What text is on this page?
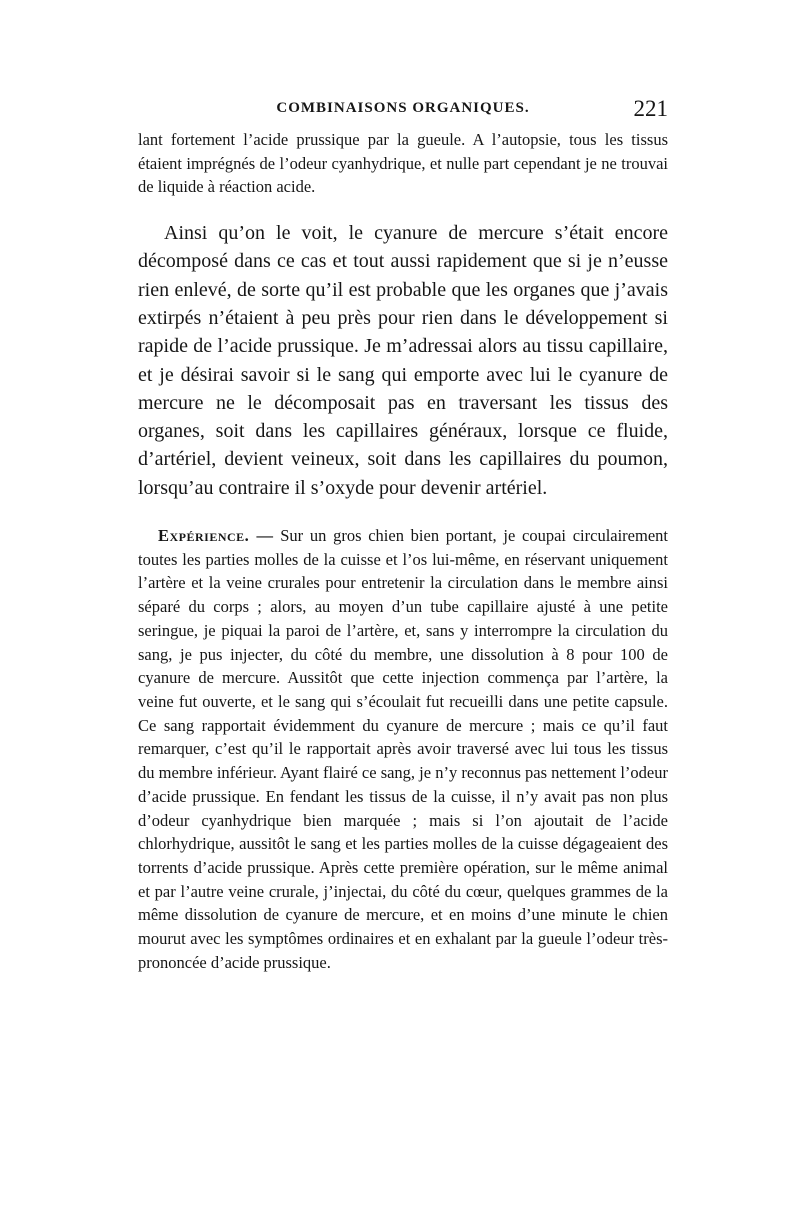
COMBINAISONS ORGANIQUES.	221

lant fortement l’acide prussique par la gueule. A l’autopsie, tous les tissus étaient imprégnés de l’odeur cyanhydrique, et nulle part cependant je ne trouvai de liquide à réaction acide.

Ainsi qu’on le voit, le cyanure de mercure s’était encore décomposé dans ce cas et tout aussi rapidement que si je n’eusse rien enlevé, de sorte qu’il est probable que les organes que j’avais extirpés n’étaient à peu près pour rien dans le développement si rapide de l’acide prussique. Je m’adressai alors au tissu capillaire, et je désirai savoir si le sang qui emporte avec lui le cyanure de mercure ne le décomposait pas en traversant les tissus des organes, soit dans les capillaires généraux, lorsque ce fluide, d’artériel, devient veineux, soit dans les capillaires du poumon, lorsqu’au contraire il s’oxyde pour devenir artériel.

Expérience. — Sur un gros chien bien portant, je coupai circulairement toutes les parties molles de la cuisse et l’os lui-même, en réservant uniquement l’artère et la veine crurales pour entretenir la circulation dans le membre ainsi séparé du corps ; alors, au moyen d’un tube capillaire ajusté à une petite seringue, je piquai la paroi de l’artère, et, sans y interrompre la circulation du sang, je pus injecter, du côté du membre, une dissolution à 8 pour 100 de cyanure de mercure. Aussitôt que cette injection commença par l’artère, la veine fut ouverte, et le sang qui s’écoulait fut recueilli dans une petite capsule. Ce sang rapportait évidemment du cyanure de mercure ; mais ce qu’il faut remarquer, c’est qu’il le rapportait après avoir traversé avec lui tous les tissus du membre inférieur. Ayant flairé ce sang, je n’y reconnus pas nettement l’odeur d’acide prussique. En fendant les tissus de la cuisse, il n’y avait pas non plus d’odeur cyanhydrique bien marquée ; mais si l’on ajoutait de l’acide chlorhydrique, aussitôt le sang et les parties molles de la cuisse dégageaient des torrents d’acide prussique. Après cette première opération, sur le même animal et par l’autre veine crurale, j’injectai, du côté du cœur, quelques grammes de la même dissolution de cyanure de mercure, et en moins d’une minute le chien mourut avec les symptômes ordinaires et en exhalant par la gueule l’odeur très-prononcée d’acide prussique.
